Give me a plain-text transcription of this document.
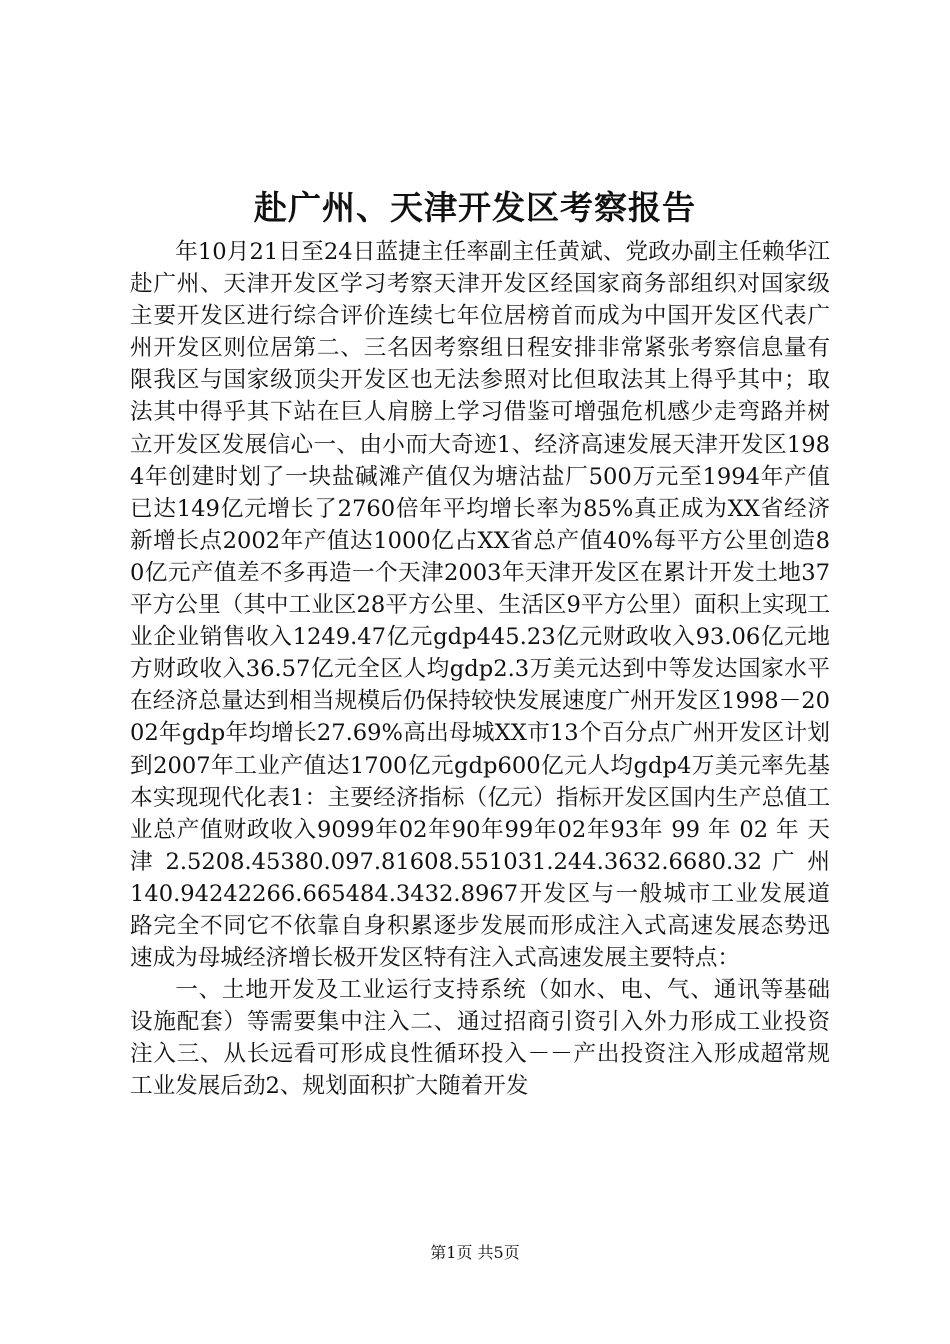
赴广州、天津开发区考察报告

年10月21日至24日蓝捷主任率副主任黄斌、党政办副主任赖华江赴广州、天津开发区学习考察天津开发区经国家商务部组织对国家级主要开发区进行综合评价连续七年位居榜首而成为中国开发区代表广州开发区则位居第二、三名因考察组日程安排非常紧张考察信息量有限我区与国家级顶尖开发区也无法参照对比但取法其上得乎其中；取法其中得乎其下站在巨人肩膀上学习借鉴可增强危机感少走弯路并树立开发区发展信心一、由小而大奇迹1、经济高速发展天津开发区1984年创建时划了一块盐碱滩产值仅为塘沽盐厂500万元至1994年产值已达149亿元增长了2760倍年平均增长率为85%真正成为XX省经济新增长点2002年产值达1000亿占XX省总产值40%每平方公里创造80亿元产值差不多再造一个天津2003年天津开发区在累计开发土地37平方公里（其中工业区28平方公里、生活区9平方公里）面积上实现工业企业销售收入1249.47亿元gdp445.23亿元财政收入93.06亿元地方财政收入36.57亿元全区人均gdp2.3万美元达到中等发达国家水平在经济总量达到相当规模后仍保持较快发展速度广州开发区1998－2002年gdp年均增长27.69%高出母城XX市13个百分点广州开发区计划到2007年工业产值达1700亿元gdp600亿元人均gdp4万美元率先基本实现现代化表1：主要经济指标（亿元）指标开发区国内生产总值工业总产值财政收入9099年02年90年99年02年93年 99 年 02 年 天 津 2.5208.45380.097.81608.551031.244.3632.6680.32 广 州 140.94242266.665484.3432.8967开发区与一般城市工业发展道路完全不同它不依靠自身积累逐步发展而形成注入式高速发展态势迅速成为母城经济增长极开发区特有注入式高速发展主要特点：

一、土地开发及工业运行支持系统（如水、电、气、通讯等基础设施配套）等需要集中注入二、通过招商引资引入外力形成工业投资注入三、从长远看可形成良性循环投入－－产出投资注入形成超常规工业发展后劲2、规划面积扩大随着开发

第1页 共5页
